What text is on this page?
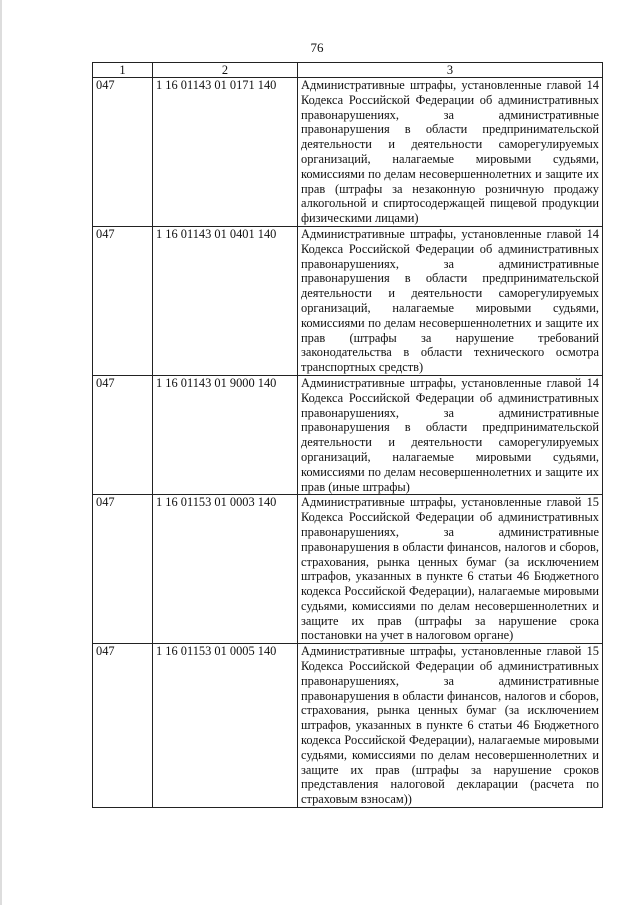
76
1	2	3
047	1 16 01143 01 0171 140	Административные штрафы, установленные главой 14 Кодекса Российской Федерации об административных правонарушениях, за административные правонарушения в области предпринимательской деятельности и деятельности саморегулируемых организаций, налагаемые мировыми судьями, комиссиями по делам несовершеннолетних и защите их прав (штрафы за незаконную розничную продажу алкогольной и спиртосодержащей пищевой продукции физическими лицами)
047	1 16 01143 01 0401 140	Административные штрафы, установленные главой 14 Кодекса Российской Федерации об административных правонарушениях, за административные правонарушения в области предпринимательской деятельности и деятельности саморегулируемых организаций, налагаемые мировыми судьями, комиссиями по делам несовершеннолетних и защите их прав (штрафы за нарушение требований законодательства в области технического осмотра транспортных средств)
047	1 16 01143 01 9000 140	Административные штрафы, установленные главой 14 Кодекса Российской Федерации об административных правонарушениях, за административные правонарушения в области предпринимательской деятельности и деятельности саморегулируемых организаций, налагаемые мировыми судьями, комиссиями по делам несовершеннолетних и защите их прав (иные штрафы)
047	1 16 01153 01 0003 140	Административные штрафы, установленные главой 15 Кодекса Российской Федерации об административных правонарушениях, за административные правонарушения в области финансов, налогов и сборов, страхования, рынка ценных бумаг (за исключением штрафов, указанных в пункте 6 статьи 46 Бюджетного кодекса Российской Федерации), налагаемые мировыми судьями, комиссиями по делам несовершеннолетних и защите их прав (штрафы за нарушение срока постановки на учет в налоговом органе)
047	1 16 01153 01 0005 140	Административные штрафы, установленные главой 15 Кодекса Российской Федерации об административных правонарушениях, за административные правонарушения в области финансов, налогов и сборов, страхования, рынка ценных бумаг (за исключением штрафов, указанных в пункте 6 статьи 46 Бюджетного кодекса Российской Федерации), налагаемые мировыми судьями, комиссиями по делам несовершеннолетних и защите их прав (штрафы за нарушение сроков представления налоговой декларации (расчета по страховым взносам))
